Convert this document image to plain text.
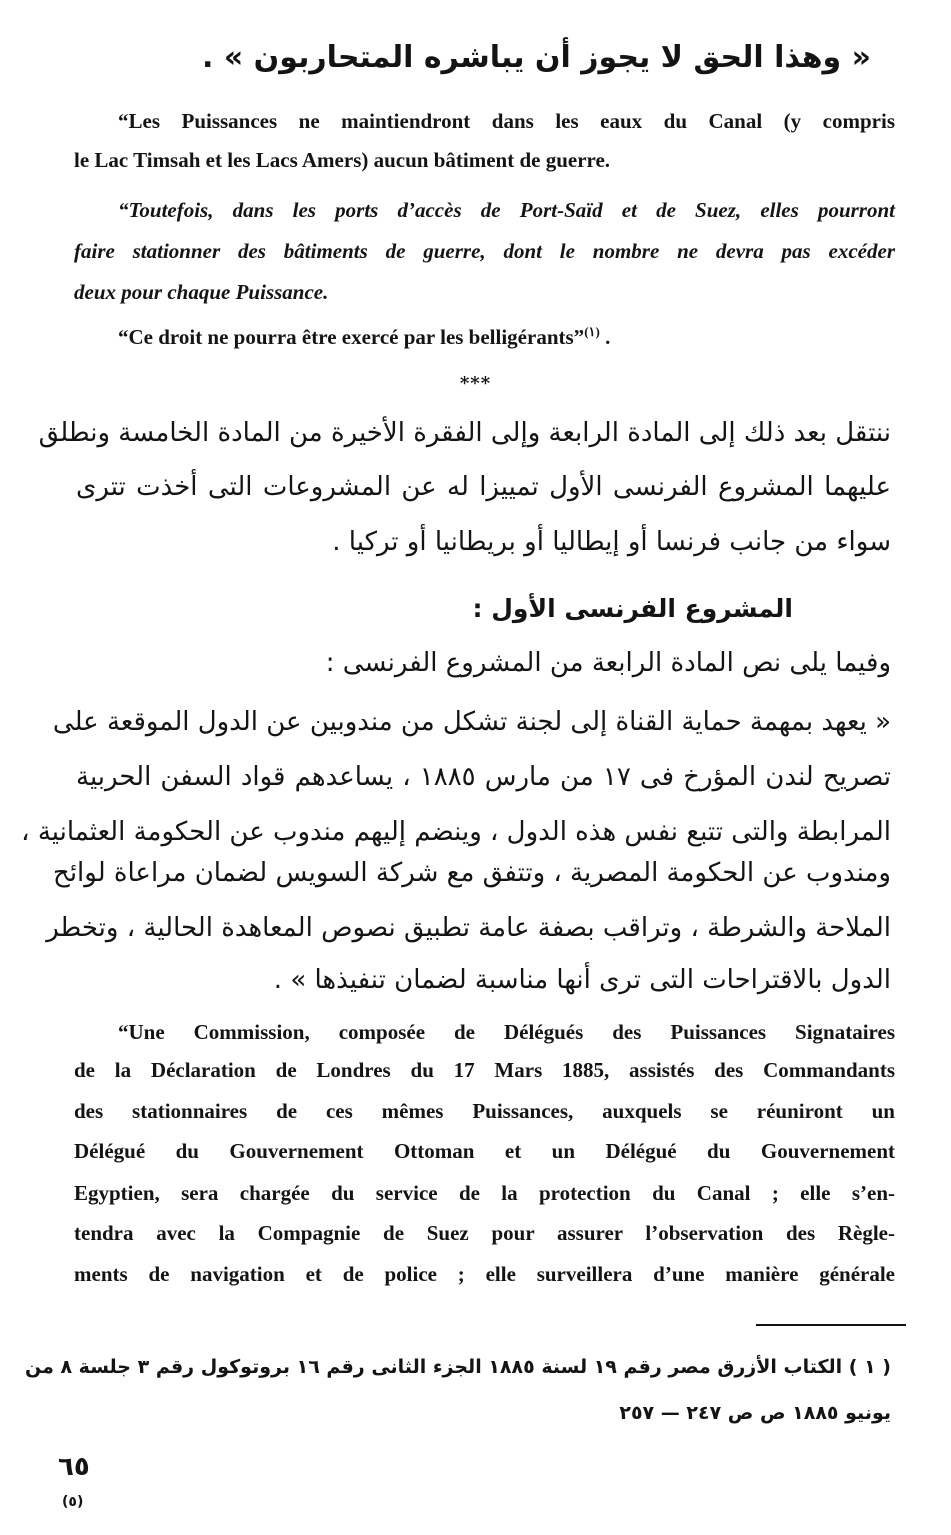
« وهذا الحق لا يجوز أن يباشره المتحاربون » .
“Les Puissances ne maintiendront dans les eaux du Canal (y compris
le Lac Timsah et les Lacs Amers) aucun bâtiment de guerre.
“Toutefois, dans les ports d’accès de Port-Saïd et de Suez, elles pourront
faire stationner des bâtiments de guerre, dont le nombre ne devra pas excéder
deux pour chaque Puissance.
“Ce droit ne pourra être exercé par les belligérants”$^{(١)}$ .
***
ننتقل بعد ذلك إلى المادة الرابعة وإلى الفقرة الأخيرة من المادة الخامسة ونطلق
عليهما المشروع الفرنسى الأول تمييزا له عن المشروعات التى أخذت تترى
سواء من جانب فرنسا أو إيطاليا أو بريطانيا أو تركيا .
المشروع الفرنسى الأول :
وفيما يلى نص المادة الرابعة من المشروع الفرنسى :
« يعهد بمهمة حماية القناة إلى لجنة تشكل من مندوبين عن الدول الموقعة على
تصريح لندن المؤرخ فى ١٧ من مارس ١٨٨٥ ، يساعدهم قواد السفن الحربية
المرابطة والتى تتبع نفس هذه الدول ، وينضم إليهم مندوب عن الحكومة العثمانية ،
ومندوب عن الحكومة المصرية ، وتتفق مع شركة السويس لضمان مراعاة لوائح
الملاحة والشرطة ، وتراقب بصفة عامة تطبيق نصوص المعاهدة الحالية ، وتخطر
الدول بالاقتراحات التى ترى أنها مناسبة لضمان تنفيذها » .
“Une Commission, composée de Délégués des Puissances Signataires
de la Déclaration de Londres du 17 Mars 1885, assistés des Commandants
des stationnaires de ces mêmes Puissances, auxquels se réuniront un
Délégué du Gouvernement Ottoman et un Délégué du Gouvernement
Egyptien, sera chargée du service de la protection du Canal ; elle s’en-
tendra avec la Compagnie de Suez pour assurer l’observation des Règle-
ments de navigation et de police ; elle surveillera d’une manière générale
( ١ ) الكتاب الأزرق مصر رقم ١٩ لسنة ١٨٨٥ الجزء الثانى رقم ١٦ بروتوكول رقم ٣ جلسة ٨ من
يونيو ١٨٨٥ ص ص ٢٤٧ — ٢٥٧
٦٥
(٥)
